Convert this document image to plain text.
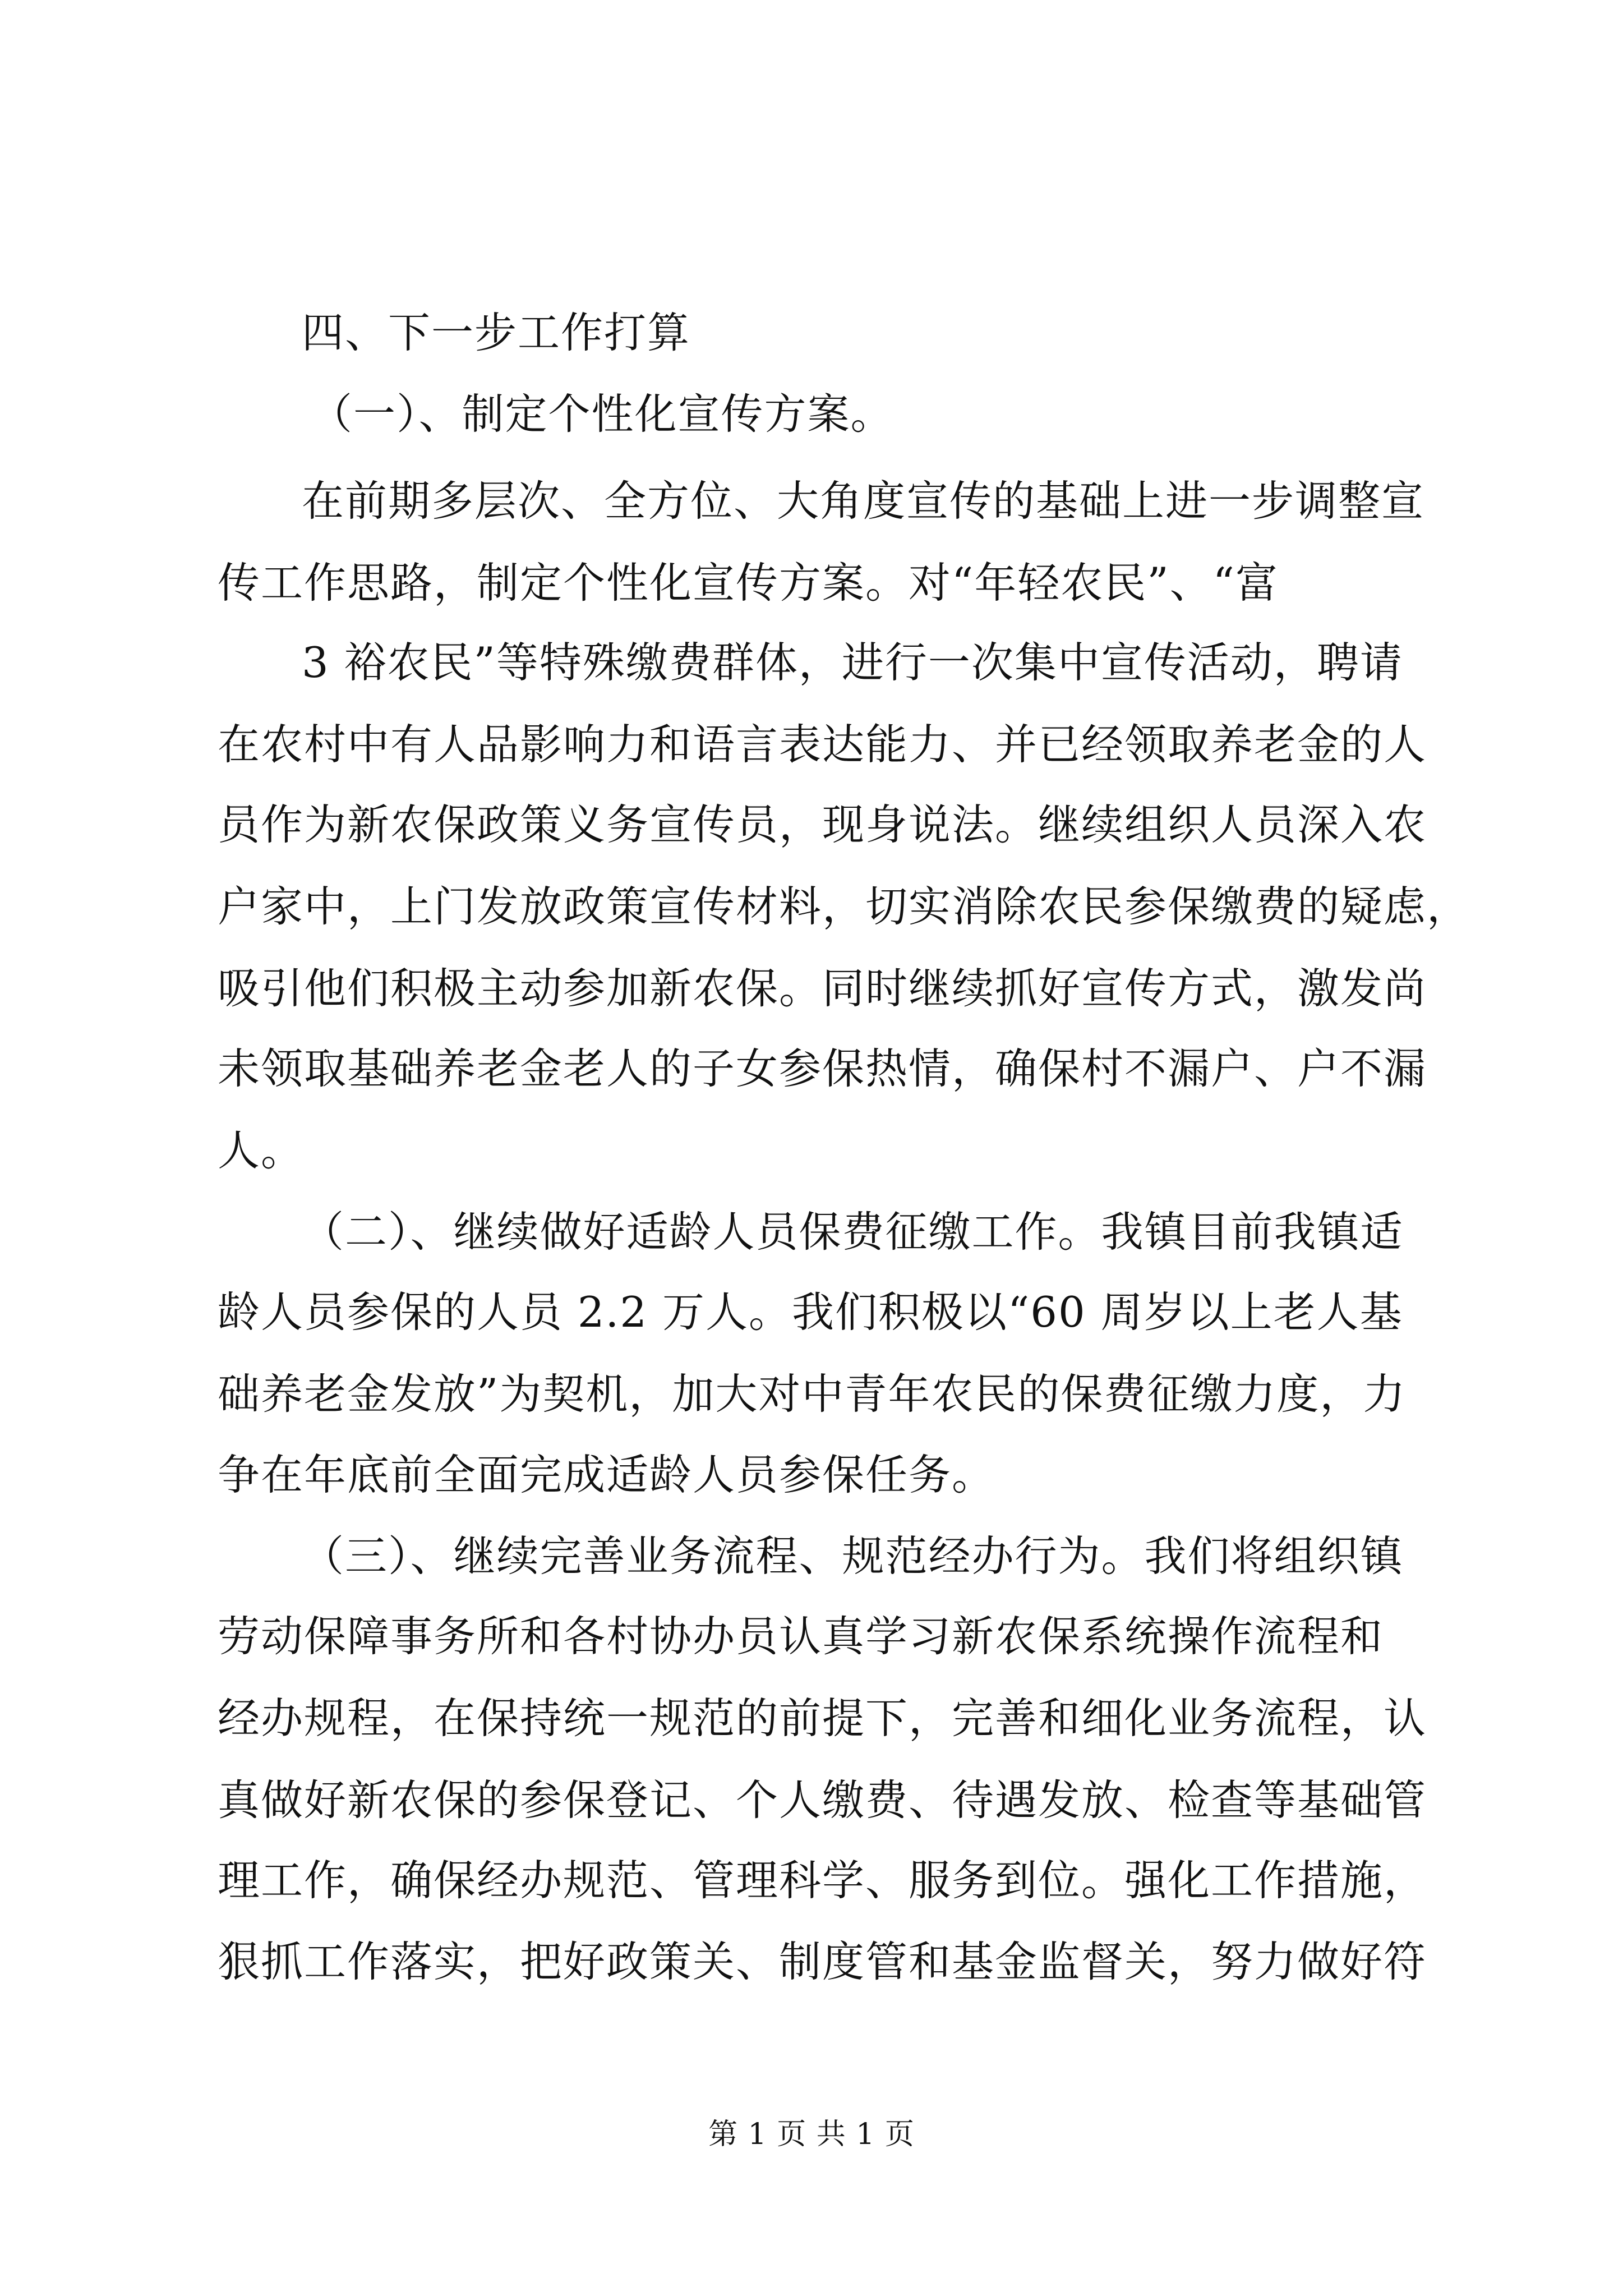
四、下一步工作打算
（一）、制定个性化宣传方案。
在前期多层次、全方位、大角度宣传的基础上进一步调整宣
传工作思路，制定个性化宣传方案。对“年轻农民”、“富
3 裕农民”等特殊缴费群体，进行一次集中宣传活动，聘请
在农村中有人品影响力和语言表达能力、并已经领取养老金的人
员作为新农保政策义务宣传员，现身说法。继续组织人员深入农
户家中，上门发放政策宣传材料，切实消除农民参保缴费的疑虑，
吸引他们积极主动参加新农保。同时继续抓好宣传方式，激发尚
未领取基础养老金老人的子女参保热情，确保村不漏户、户不漏
人。
（二）、继续做好适龄人员保费征缴工作。我镇目前我镇适
龄人员参保的人员 2.2 万人。我们积极以“60 周岁以上老人基
础养老金发放”为契机，加大对中青年农民的保费征缴力度，力
争在年底前全面完成适龄人员参保任务。
（三）、继续完善业务流程、规范经办行为。我们将组织镇
劳动保障事务所和各村协办员认真学习新农保系统操作流程和
经办规程，在保持统一规范的前提下，完善和细化业务流程，认
真做好新农保的参保登记、个人缴费、待遇发放、检查等基础管
理工作，确保经办规范、管理科学、服务到位。强化工作措施，
狠抓工作落实，把好政策关、制度管和基金监督关，努力做好符
第 1 页 共 1 页
